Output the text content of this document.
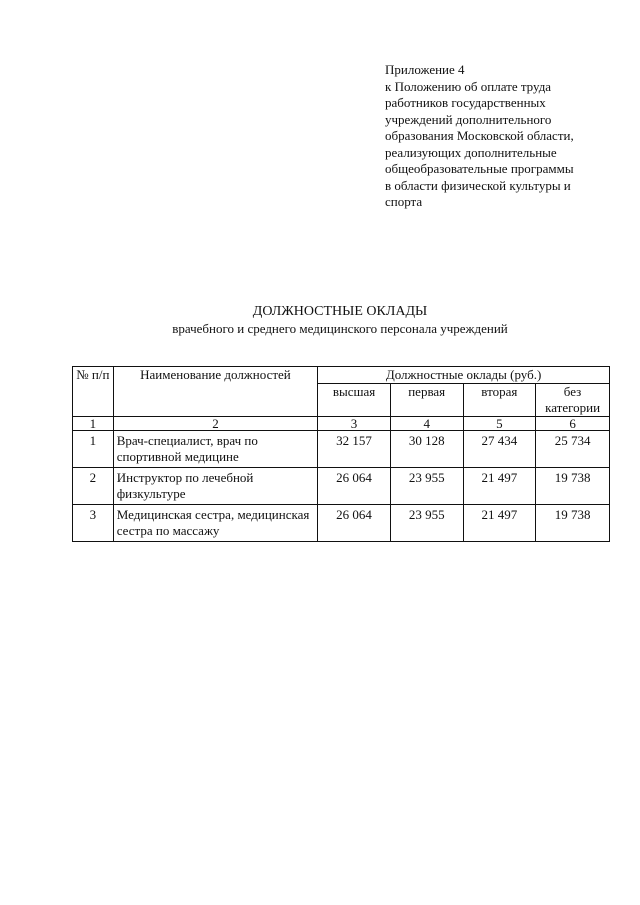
Приложение 4
к Положению об оплате труда
работников государственных
учреждений дополнительного
образования Московской области,
реализующих дополнительные
общеобразовательные программы
в области физической культуры и
спорта
ДОЛЖНОСТНЫЕ ОКЛАДЫ
врачебного и среднего медицинского персонала учреждений
№ п/п	Наименование должностей	Должностные оклады (руб.)			
		высшая	первая	вторая	без категории
1	2	3	4	5	6
1	Врач-специалист, врач по спортивной медицине	32 157	30 128	27 434	25 734
2	Инструктор по лечебной физкультуре	26 064	23 955	21 497	19 738
3	Медицинская сестра, медицинская сестра по массажу	26 064	23 955	21 497	19 738
